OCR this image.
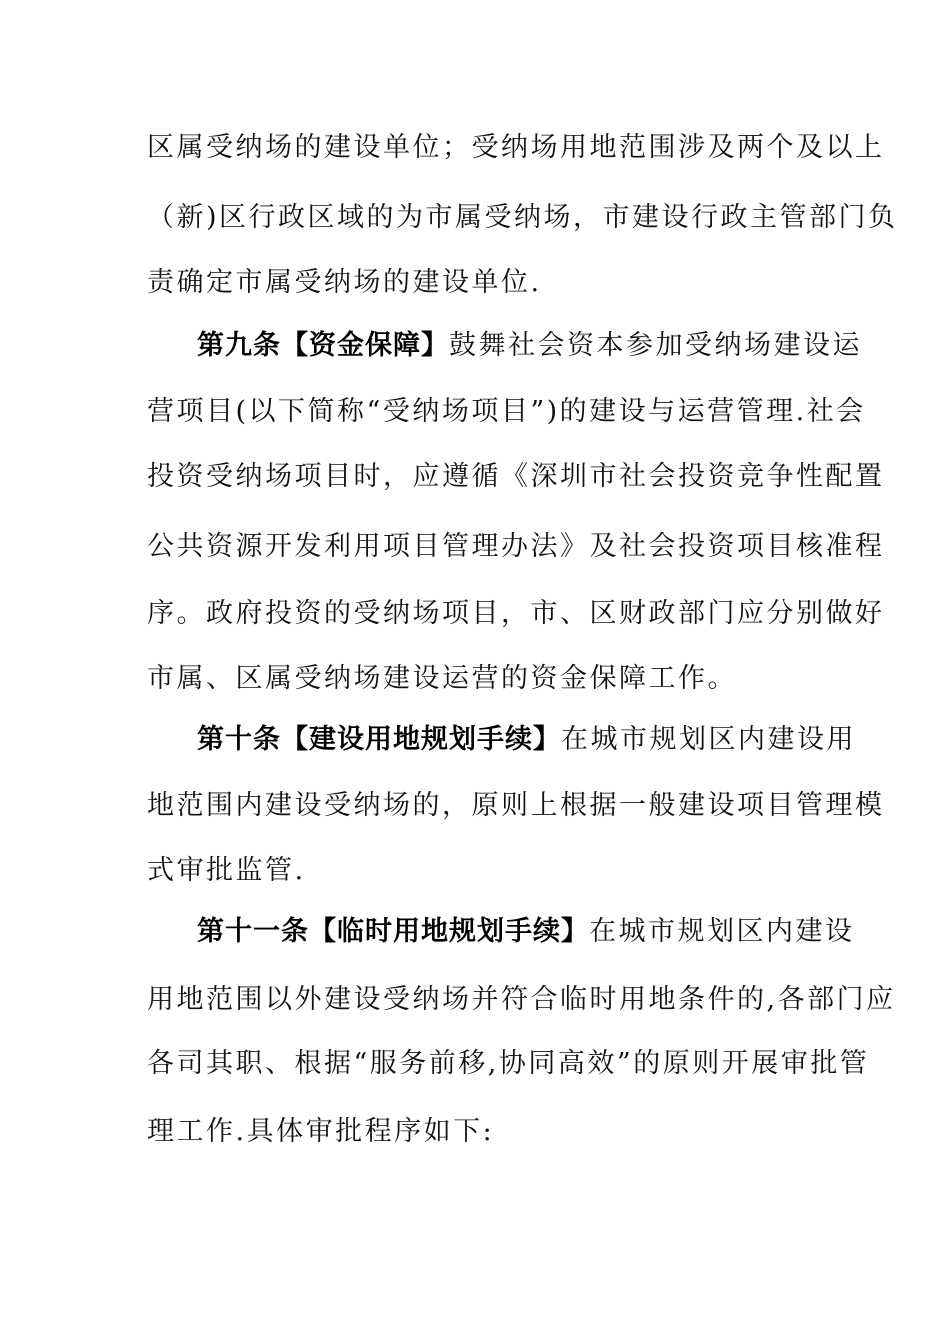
区属受纳场的建设单位；受纳场用地范围涉及两个及以上
（新)区行政区域的为市属受纳场，市建设行政主管部门负
责确定市属受纳场的建设单位.
第九条【资金保障】鼓舞社会资本参加受纳场建设运
营项目(以下简称“受纳场项目”)的建设与运营管理.社会
投资受纳场项目时，应遵循《深圳市社会投资竞争性配置
公共资源开发利用项目管理办法》及社会投资项目核准程
序。政府投资的受纳场项目，市、区财政部门应分别做好
市属、区属受纳场建设运营的资金保障工作。
第十条【建设用地规划手续】在城市规划区内建设用
地范围内建设受纳场的，原则上根据一般建设项目管理模
式审批监管.
第十一条【临时用地规划手续】在城市规划区内建设
用地范围以外建设受纳场并符合临时用地条件的,各部门应
各司其职、根据“服务前移,协同高效”的原则开展审批管
理工作.具体审批程序如下:
